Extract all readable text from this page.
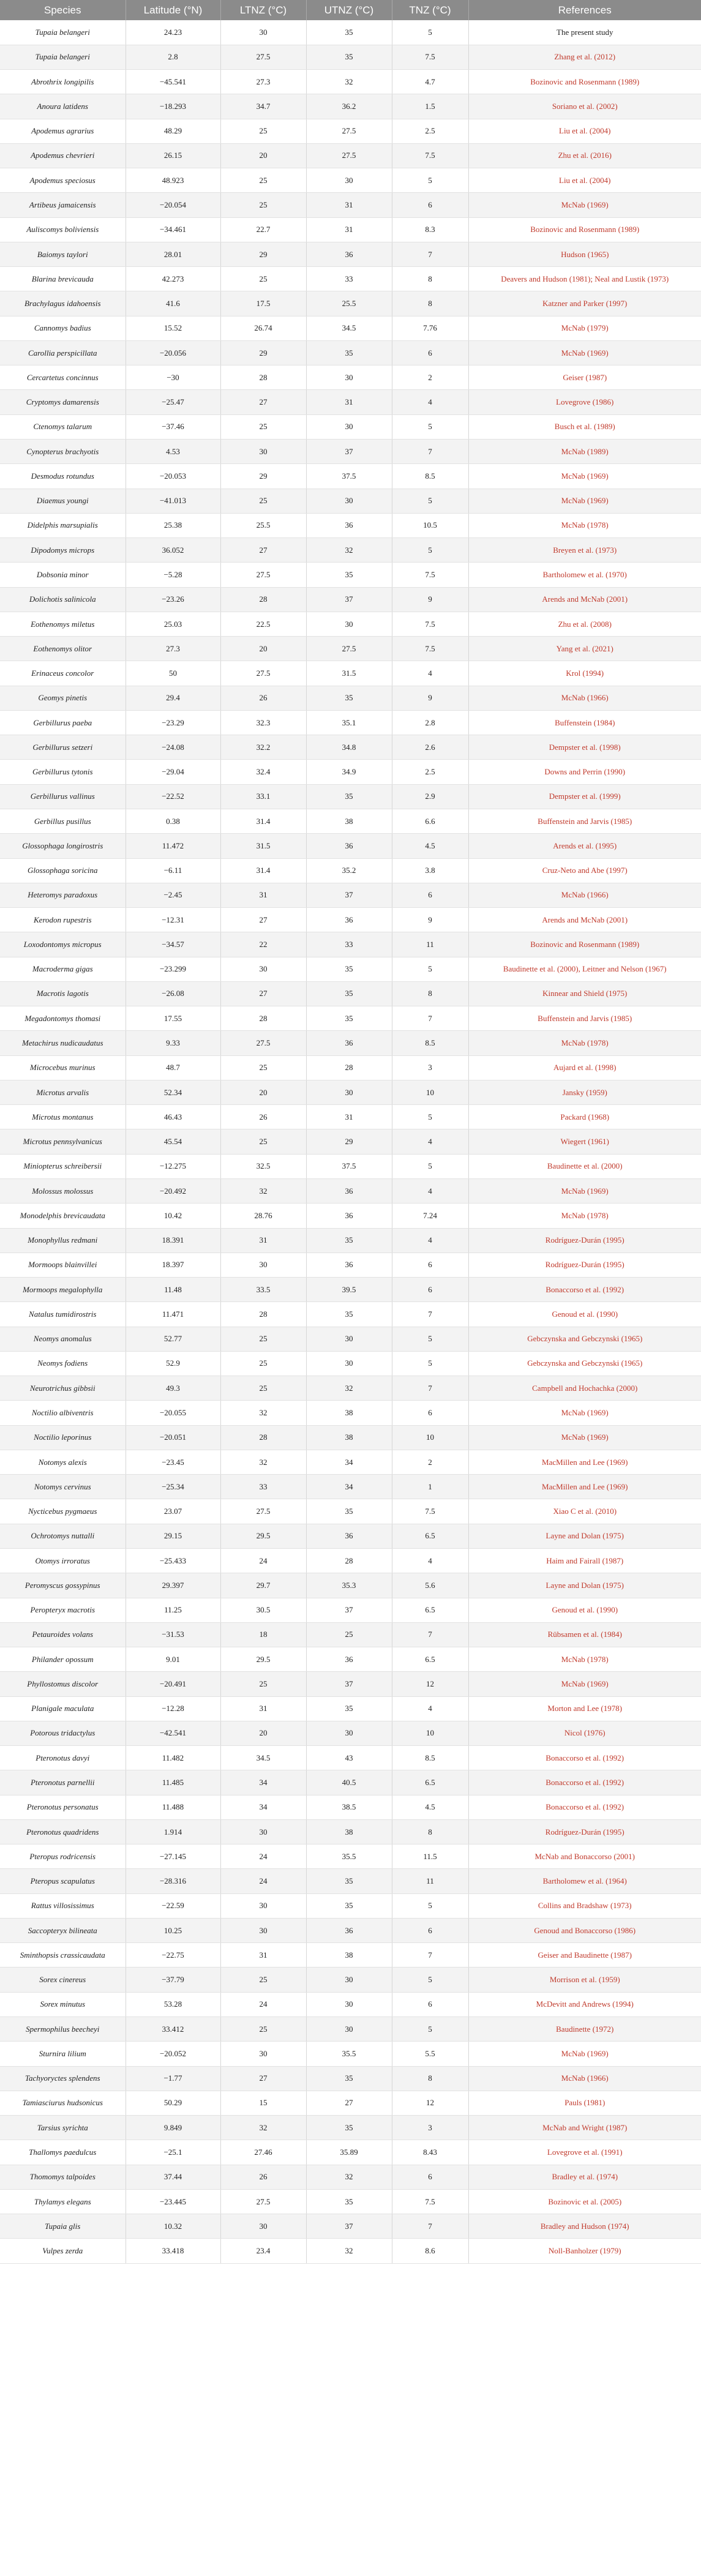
Species	Latitude (°N)	LTNZ (°C)	UTNZ (°C)	TNZ (°C)	References
Tupaia belangeri	24.23	30	35	5	The present study
Tupaia belangeri	2.8	27.5	35	7.5	Zhang et al. (2012)
Abrothrix longipilis	−45.541	27.3	32	4.7	Bozinovic and Rosenmann (1989)
Anoura latidens	−18.293	34.7	36.2	1.5	Soriano et al. (2002)
Apodemus agrarius	48.29	25	27.5	2.5	Liu et al. (2004)
Apodemus chevrieri	26.15	20	27.5	7.5	Zhu et al. (2016)
Apodemus speciosus	48.923	25	30	5	Liu et al. (2004)
Artibeus jamaicensis	−20.054	25	31	6	McNab (1969)
Auliscomys boliviensis	−34.461	22.7	31	8.3	Bozinovic and Rosenmann (1989)
Baiomys taylori	28.01	29	36	7	Hudson (1965)
Blarina brevicauda	42.273	25	33	8	Deavers and Hudson (1981); Neal and Lustik (1973)
Brachylagus idahoensis	41.6	17.5	25.5	8	Katzner and Parker (1997)
Cannomys badius	15.52	26.74	34.5	7.76	McNab (1979)
Carollia perspicillata	−20.056	29	35	6	McNab (1969)
Cercartetus concinnus	−30	28	30	2	Geiser (1987)
Cryptomys damarensis	−25.47	27	31	4	Lovegrove (1986)
Ctenomys talarum	−37.46	25	30	5	Busch et al. (1989)
Cynopterus brachyotis	4.53	30	37	7	McNab (1989)
Desmodus rotundus	−20.053	29	37.5	8.5	McNab (1969)
Diaemus youngi	−41.013	25	30	5	McNab (1969)
Didelphis marsupialis	25.38	25.5	36	10.5	McNab (1978)
Dipodomys microps	36.052	27	32	5	Breyen et al. (1973)
Dobsonia minor	−5.28	27.5	35	7.5	Bartholomew et al. (1970)
Dolichotis salinicola	−23.26	28	37	9	Arends and McNab (2001)
Eothenomys miletus	25.03	22.5	30	7.5	Zhu et al. (2008)
Eothenomys olitor	27.3	20	27.5	7.5	Yang et al. (2021)
Erinaceus concolor	50	27.5	31.5	4	Krol (1994)
Geomys pinetis	29.4	26	35	9	McNab (1966)
Gerbillurus paeba	−23.29	32.3	35.1	2.8	Buffenstein (1984)
Gerbillurus setzeri	−24.08	32.2	34.8	2.6	Dempster et al. (1998)
Gerbillurus tytonis	−29.04	32.4	34.9	2.5	Downs and Perrin (1990)
Gerbillurus vallinus	−22.52	33.1	35	2.9	Dempster et al. (1999)
Gerbillus pusillus	0.38	31.4	38	6.6	Buffenstein and Jarvis (1985)
Glossophaga longirostris	11.472	31.5	36	4.5	Arends et al. (1995)
Glossophaga soricina	−6.11	31.4	35.2	3.8	Cruz-Neto and Abe (1997)
Heteromys paradoxus	−2.45	31	37	6	McNab (1966)
Kerodon rupestris	−12.31	27	36	9	Arends and McNab (2001)
Loxodontomys micropus	−34.57	22	33	11	Bozinovic and Rosenmann (1989)
Macroderma gigas	−23.299	30	35	5	Baudinette et al. (2000), Leitner and Nelson (1967)
Macrotis lagotis	−26.08	27	35	8	Kinnear and Shield (1975)
Megadontomys thomasi	17.55	28	35	7	Buffenstein and Jarvis (1985)
Metachirus nudicaudatus	9.33	27.5	36	8.5	McNab (1978)
Microcebus murinus	48.7	25	28	3	Aujard et al. (1998)
Microtus arvalis	52.34	20	30	10	Jansky (1959)
Microtus montanus	46.43	26	31	5	Packard (1968)
Microtus pennsylvanicus	45.54	25	29	4	Wiegert (1961)
Miniopterus schreibersii	−12.275	32.5	37.5	5	Baudinette et al. (2000)
Molossus molossus	−20.492	32	36	4	McNab (1969)
Monodelphis brevicaudata	10.42	28.76	36	7.24	McNab (1978)
Monophyllus redmani	18.391	31	35	4	Rodríguez-Durán (1995)
Mormoops blainvillei	18.397	30	36	6	Rodríguez-Durán (1995)
Mormoops megalophylla	11.48	33.5	39.5	6	Bonaccorso et al. (1992)
Natalus tumidirostris	11.471	28	35	7	Genoud et al. (1990)
Neomys anomalus	52.77	25	30	5	Gebczynska and Gebczynski (1965)
Neomys fodiens	52.9	25	30	5	Gebczynska and Gebczynski (1965)
Neurotrichus gibbsii	49.3	25	32	7	Campbell and Hochachka (2000)
Noctilio albiventris	−20.055	32	38	6	McNab (1969)
Noctilio leporinus	−20.051	28	38	10	McNab (1969)
Notomys alexis	−23.45	32	34	2	MacMillen and Lee (1969)
Notomys cervinus	−25.34	33	34	1	MacMillen and Lee (1969)
Nycticebus pygmaeus	23.07	27.5	35	7.5	Xiao C et al. (2010)
Ochrotomys nuttalli	29.15	29.5	36	6.5	Layne and Dolan (1975)
Otomys irroratus	−25.433	24	28	4	Haim and Fairall (1987)
Peromyscus gossypinus	29.397	29.7	35.3	5.6	Layne and Dolan (1975)
Peropteryx macrotis	11.25	30.5	37	6.5	Genoud et al. (1990)
Petauroides volans	−31.53	18	25	7	Rübsamen et al. (1984)
Philander opossum	9.01	29.5	36	6.5	McNab (1978)
Phyllostomus discolor	−20.491	25	37	12	McNab (1969)
Planigale maculata	−12.28	31	35	4	Morton and Lee (1978)
Potorous tridactylus	−42.541	20	30	10	Nicol (1976)
Pteronotus davyi	11.482	34.5	43	8.5	Bonaccorso et al. (1992)
Pteronotus parnellii	11.485	34	40.5	6.5	Bonaccorso et al. (1992)
Pteronotus personatus	11.488	34	38.5	4.5	Bonaccorso et al. (1992)
Pteronotus quadridens	1.914	30	38	8	Rodríguez-Durán (1995)
Pteropus rodricensis	−27.145	24	35.5	11.5	McNab and Bonaccorso (2001)
Pteropus scapulatus	−28.316	24	35	11	Bartholomew et al. (1964)
Rattus villosissimus	−22.59	30	35	5	Collins and Bradshaw (1973)
Saccopteryx bilineata	10.25	30	36	6	Genoud and Bonaccorso (1986)
Sminthopsis crassicaudata	−22.75	31	38	7	Geiser and Baudinette (1987)
Sorex cinereus	−37.79	25	30	5	Morrison et al. (1959)
Sorex minutus	53.28	24	30	6	McDevitt and Andrews (1994)
Spermophilus beecheyi	33.412	25	30	5	Baudinette (1972)
Sturnira lilium	−20.052	30	35.5	5.5	McNab (1969)
Tachyoryctes splendens	−1.77	27	35	8	McNab (1966)
Tamiasciurus hudsonicus	50.29	15	27	12	Pauls (1981)
Tarsius syrichta	9.849	32	35	3	McNab and Wright (1987)
Thallomys paedulcus	−25.1	27.46	35.89	8.43	Lovegrove et al. (1991)
Thomomys talpoides	37.44	26	32	6	Bradley et al. (1974)
Thylamys elegans	−23.445	27.5	35	7.5	Bozinovic et al. (2005)
Tupaia glis	10.32	30	37	7	Bradley and Hudson (1974)
Vulpes zerda	33.418	23.4	32	8.6	Noll-Banholzer (1979)
